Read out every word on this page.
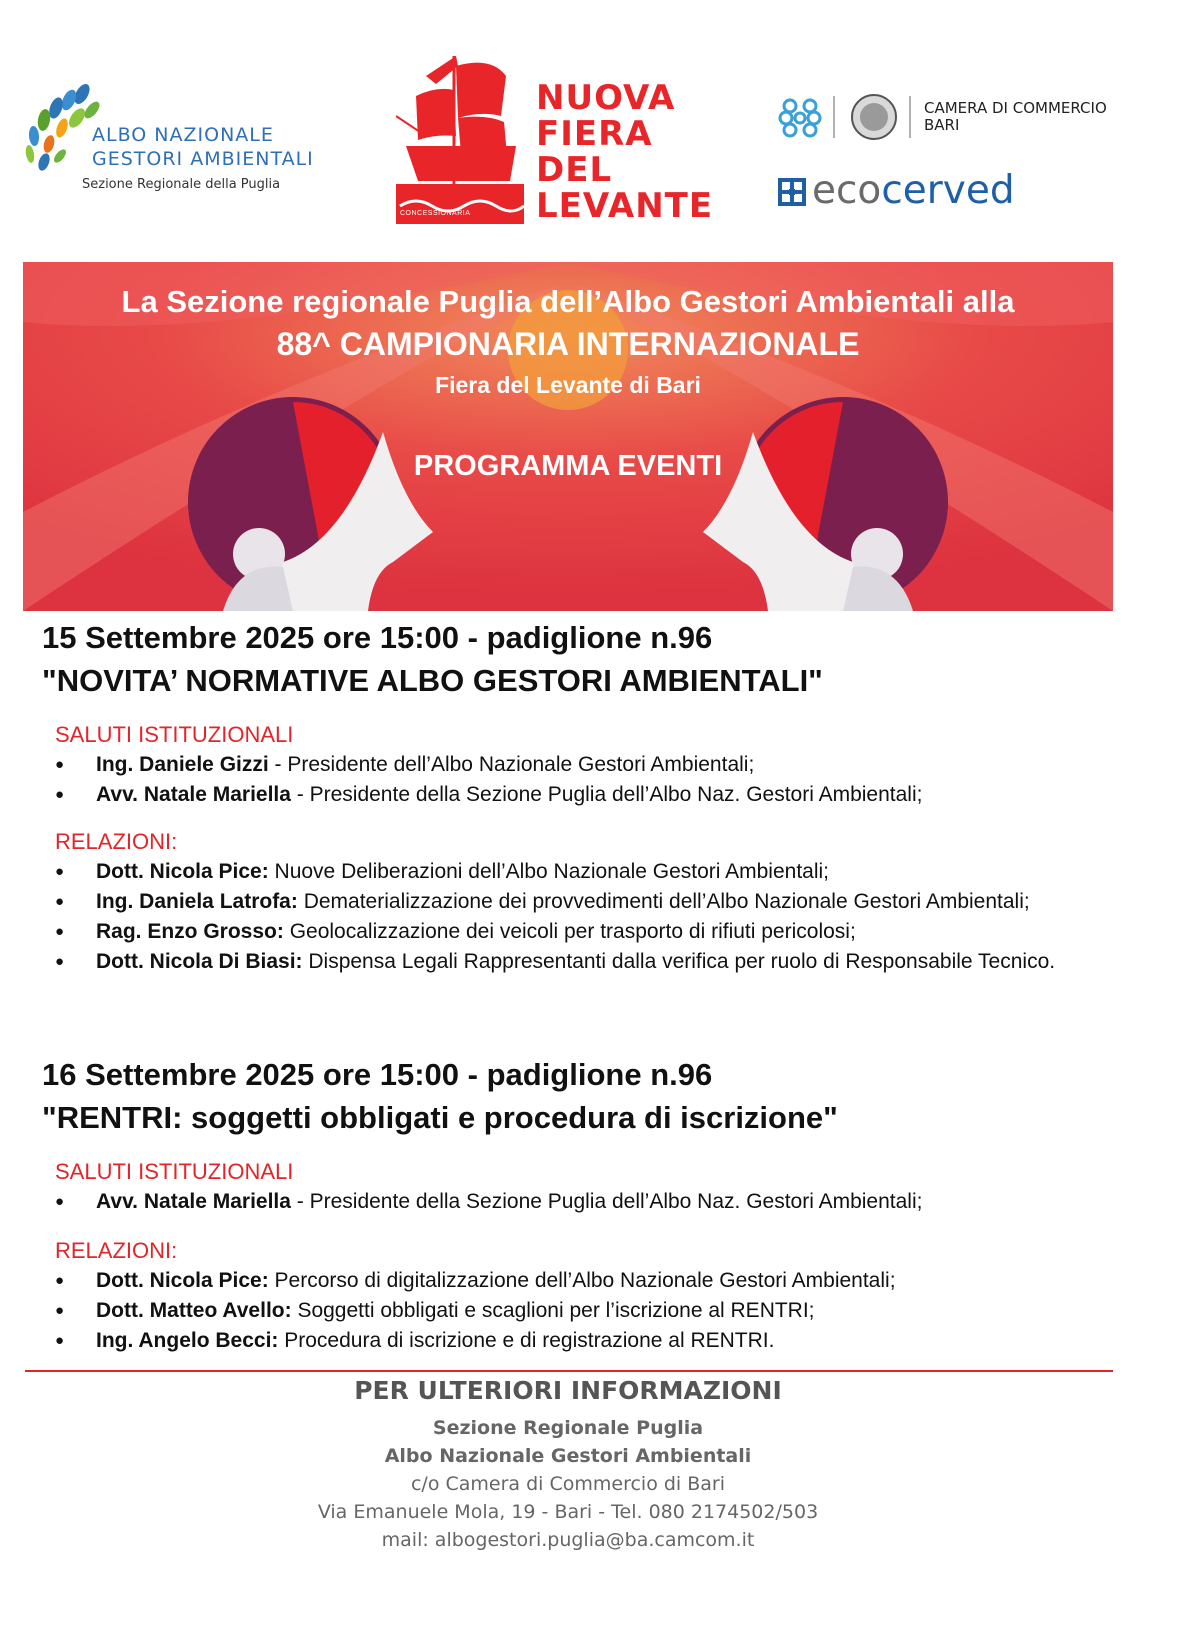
ALBO NAZIONALE
GESTORI AMBIENTALI
Sezione Regionale della Puglia
CONCESSIONARIA
NUOVA
FIERA
DEL
LEVANTE
CAMERA DI COMMERCIO
BARI
ecocerved
La Sezione regionale Puglia dell’Albo Gestori Ambientali alla
88^ CAMPIONARIA INTERNAZIONALE
Fiera del Levante di Bari
PROGRAMMA EVENTI
15 Settembre 2025 ore 15:00 - padiglione n.96
"NOVITA’ NORMATIVE ALBO GESTORI AMBIENTALI"
SALUTI ISTITUZIONALI
● Ing. Daniele Gizzi - Presidente dell’Albo Nazionale Gestori Ambientali;
● Avv. Natale Mariella - Presidente della Sezione Puglia dell’Albo Naz. Gestori Ambientali;
RELAZIONI:
● Dott. Nicola Pice: Nuove Deliberazioni dell’Albo Nazionale Gestori Ambientali;
● Ing. Daniela Latrofa: Dematerializzazione dei provvedimenti dell’Albo Nazionale Gestori Ambientali;
● Rag. Enzo Grosso: Geolocalizzazione dei veicoli per trasporto di rifiuti pericolosi;
● Dott. Nicola Di Biasi: Dispensa Legali Rappresentanti dalla verifica per ruolo di Responsabile Tecnico.
16 Settembre 2025 ore 15:00 - padiglione n.96
"RENTRI: soggetti obbligati e procedura di iscrizione"
SALUTI ISTITUZIONALI
● Avv. Natale Mariella - Presidente della Sezione Puglia dell’Albo Naz. Gestori Ambientali;
RELAZIONI:
● Dott. Nicola Pice: Percorso di digitalizzazione dell’Albo Nazionale Gestori Ambientali;
● Dott. Matteo Avello: Soggetti obbligati e scaglioni per l’iscrizione al RENTRI;
● Ing. Angelo Becci: Procedura di iscrizione e di registrazione al RENTRI.
PER ULTERIORI INFORMAZIONI
Sezione Regionale Puglia
Albo Nazionale Gestori Ambientali
c/o Camera di Commercio di Bari
Via Emanuele Mola, 19 - Bari - Tel. 080 2174502/503
mail: albogestori.puglia@ba.camcom.it
